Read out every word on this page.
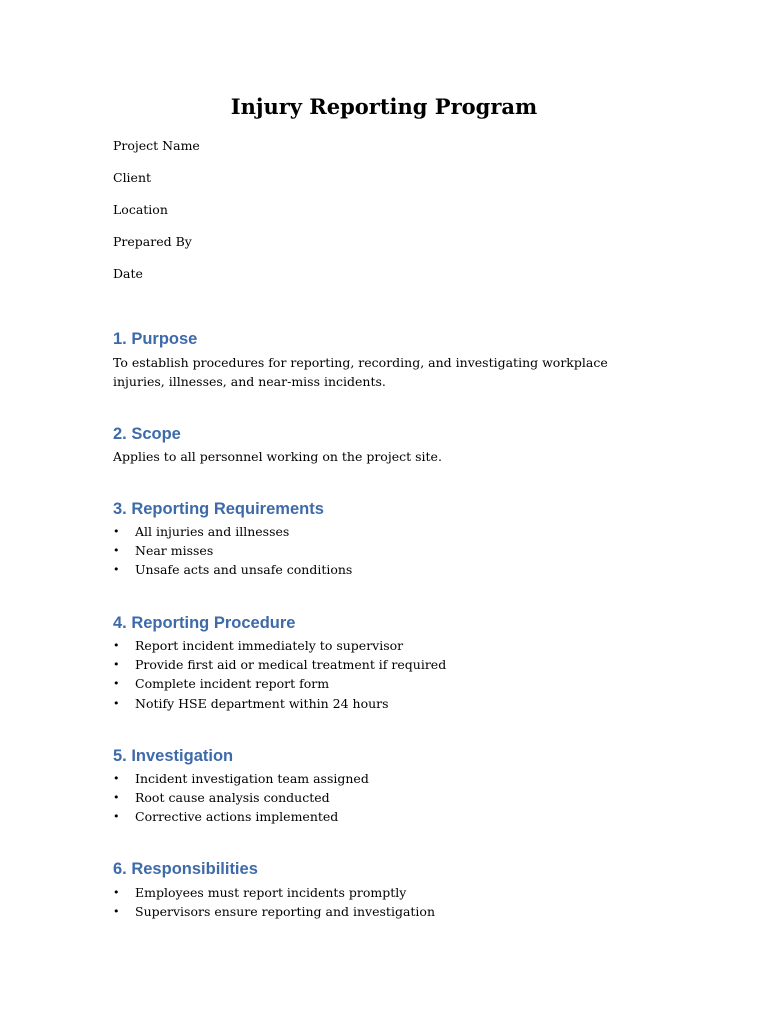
Injury Reporting Program

Project Name

Client

Location

Prepared By

Date

1. Purpose

To establish procedures for reporting, recording, and investigating workplace injuries, illnesses, and near-miss incidents.

2. Scope

Applies to all personnel working on the project site.

3. Reporting Requirements
• All injuries and illnesses
• Near misses
• Unsafe acts and unsafe conditions
4. Reporting Procedure
• Report incident immediately to supervisor
• Provide first aid or medical treatment if required
• Complete incident report form
• Notify HSE department within 24 hours
5. Investigation
• Incident investigation team assigned
• Root cause analysis conducted
• Corrective actions implemented
6. Responsibilities
• Employees must report incidents promptly
• Supervisors ensure reporting and investigation
